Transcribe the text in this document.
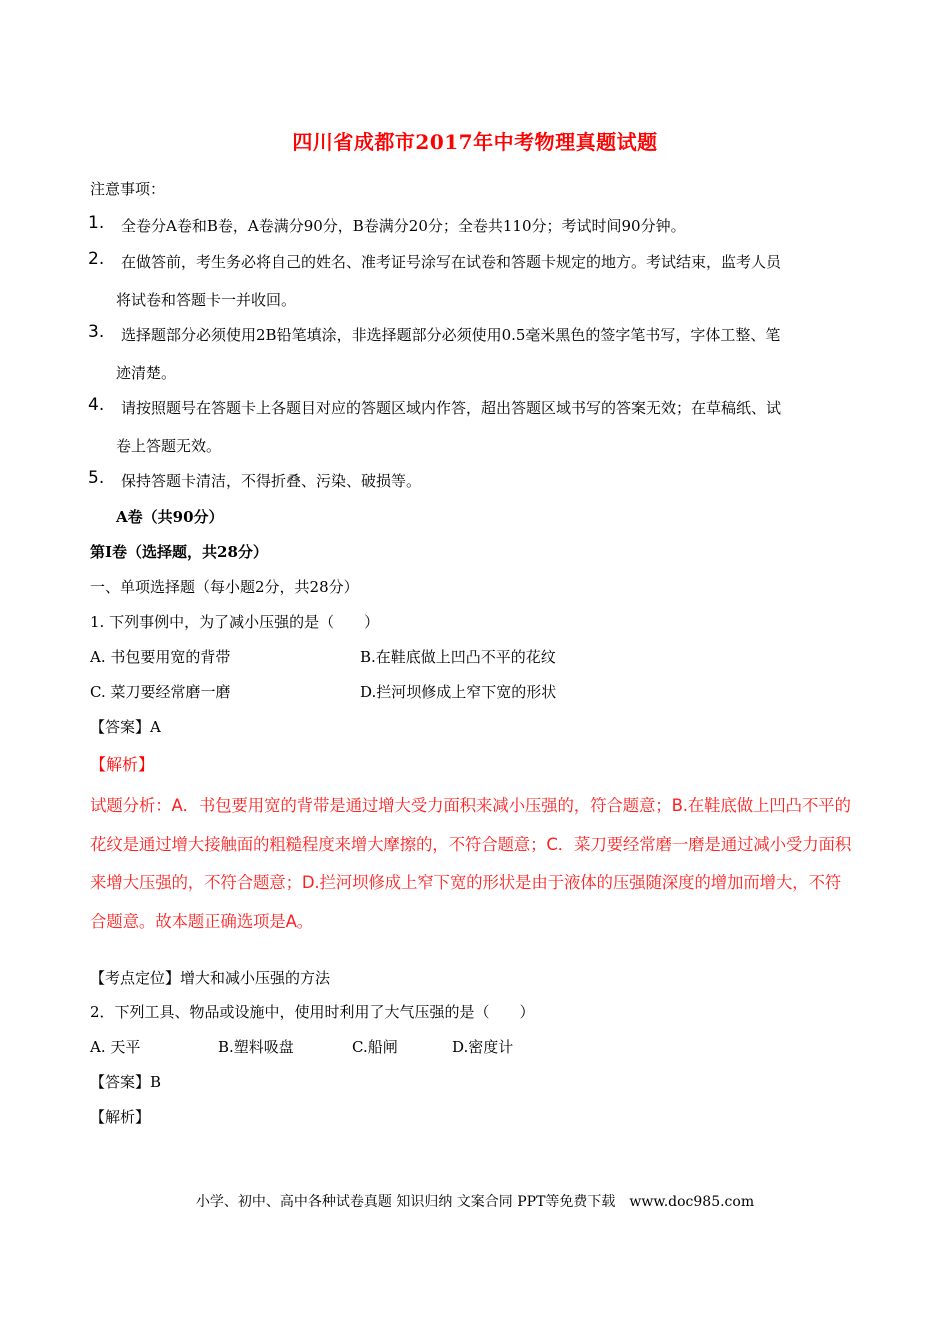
四川省成都市2017年中考物理真题试题
注意事项：
1. 全卷分A卷和B卷，A卷满分90分，B卷满分20分；全卷共110分；考试时间90分钟。
2. 在做答前，考生务必将自己的姓名、准考证号涂写在试卷和答题卡规定的地方。考试结束，监考人员
将试卷和答题卡一并收回。
3. 选择题部分必须使用2B铅笔填涂，非选择题部分必须使用0.5毫米黑色的签字笔书写，字体工整、笔
迹清楚。
4. 请按照题号在答题卡上各题目对应的答题区域内作答，超出答题区域书写的答案无效；在草稿纸、试
卷上答题无效。
5. 保持答题卡清洁，不得折叠、污染、破损等。
A卷（共90分）
第Ⅰ卷（选择题，共28分）
一、单项选择题（每小题2分，共28分）
1. 下列事例中，为了减小压强的是（　　）
A. 书包要用宽的背带	B.在鞋底做上凹凸不平的花纹
C. 菜刀要经常磨一磨	D.拦河坝修成上窄下宽的形状
【答案】A
【解析】
试题分析：A．书包要用宽的背带是通过增大受力面积来减小压强的，符合题意；B.在鞋底做上凹凸不平的
花纹是通过增大接触面的粗糙程度来增大摩擦的，不符合题意；C．菜刀要经常磨一磨是通过减小受力面积
来增大压强的，不符合题意；D.拦河坝修成上窄下宽的形状是由于液体的压强随深度的增加而增大，不符
合题意。故本题正确选项是A。
【考点定位】增大和减小压强的方法
2．下列工具、物品或设施中，使用时利用了大气压强的是（　　）
A. 天平	B.塑料吸盘	C.船闸	D.密度计
【答案】B
【解析】
小学、初中、高中各种试卷真题 知识归纳 文案合同 PPT等免费下载　www.doc985.com
